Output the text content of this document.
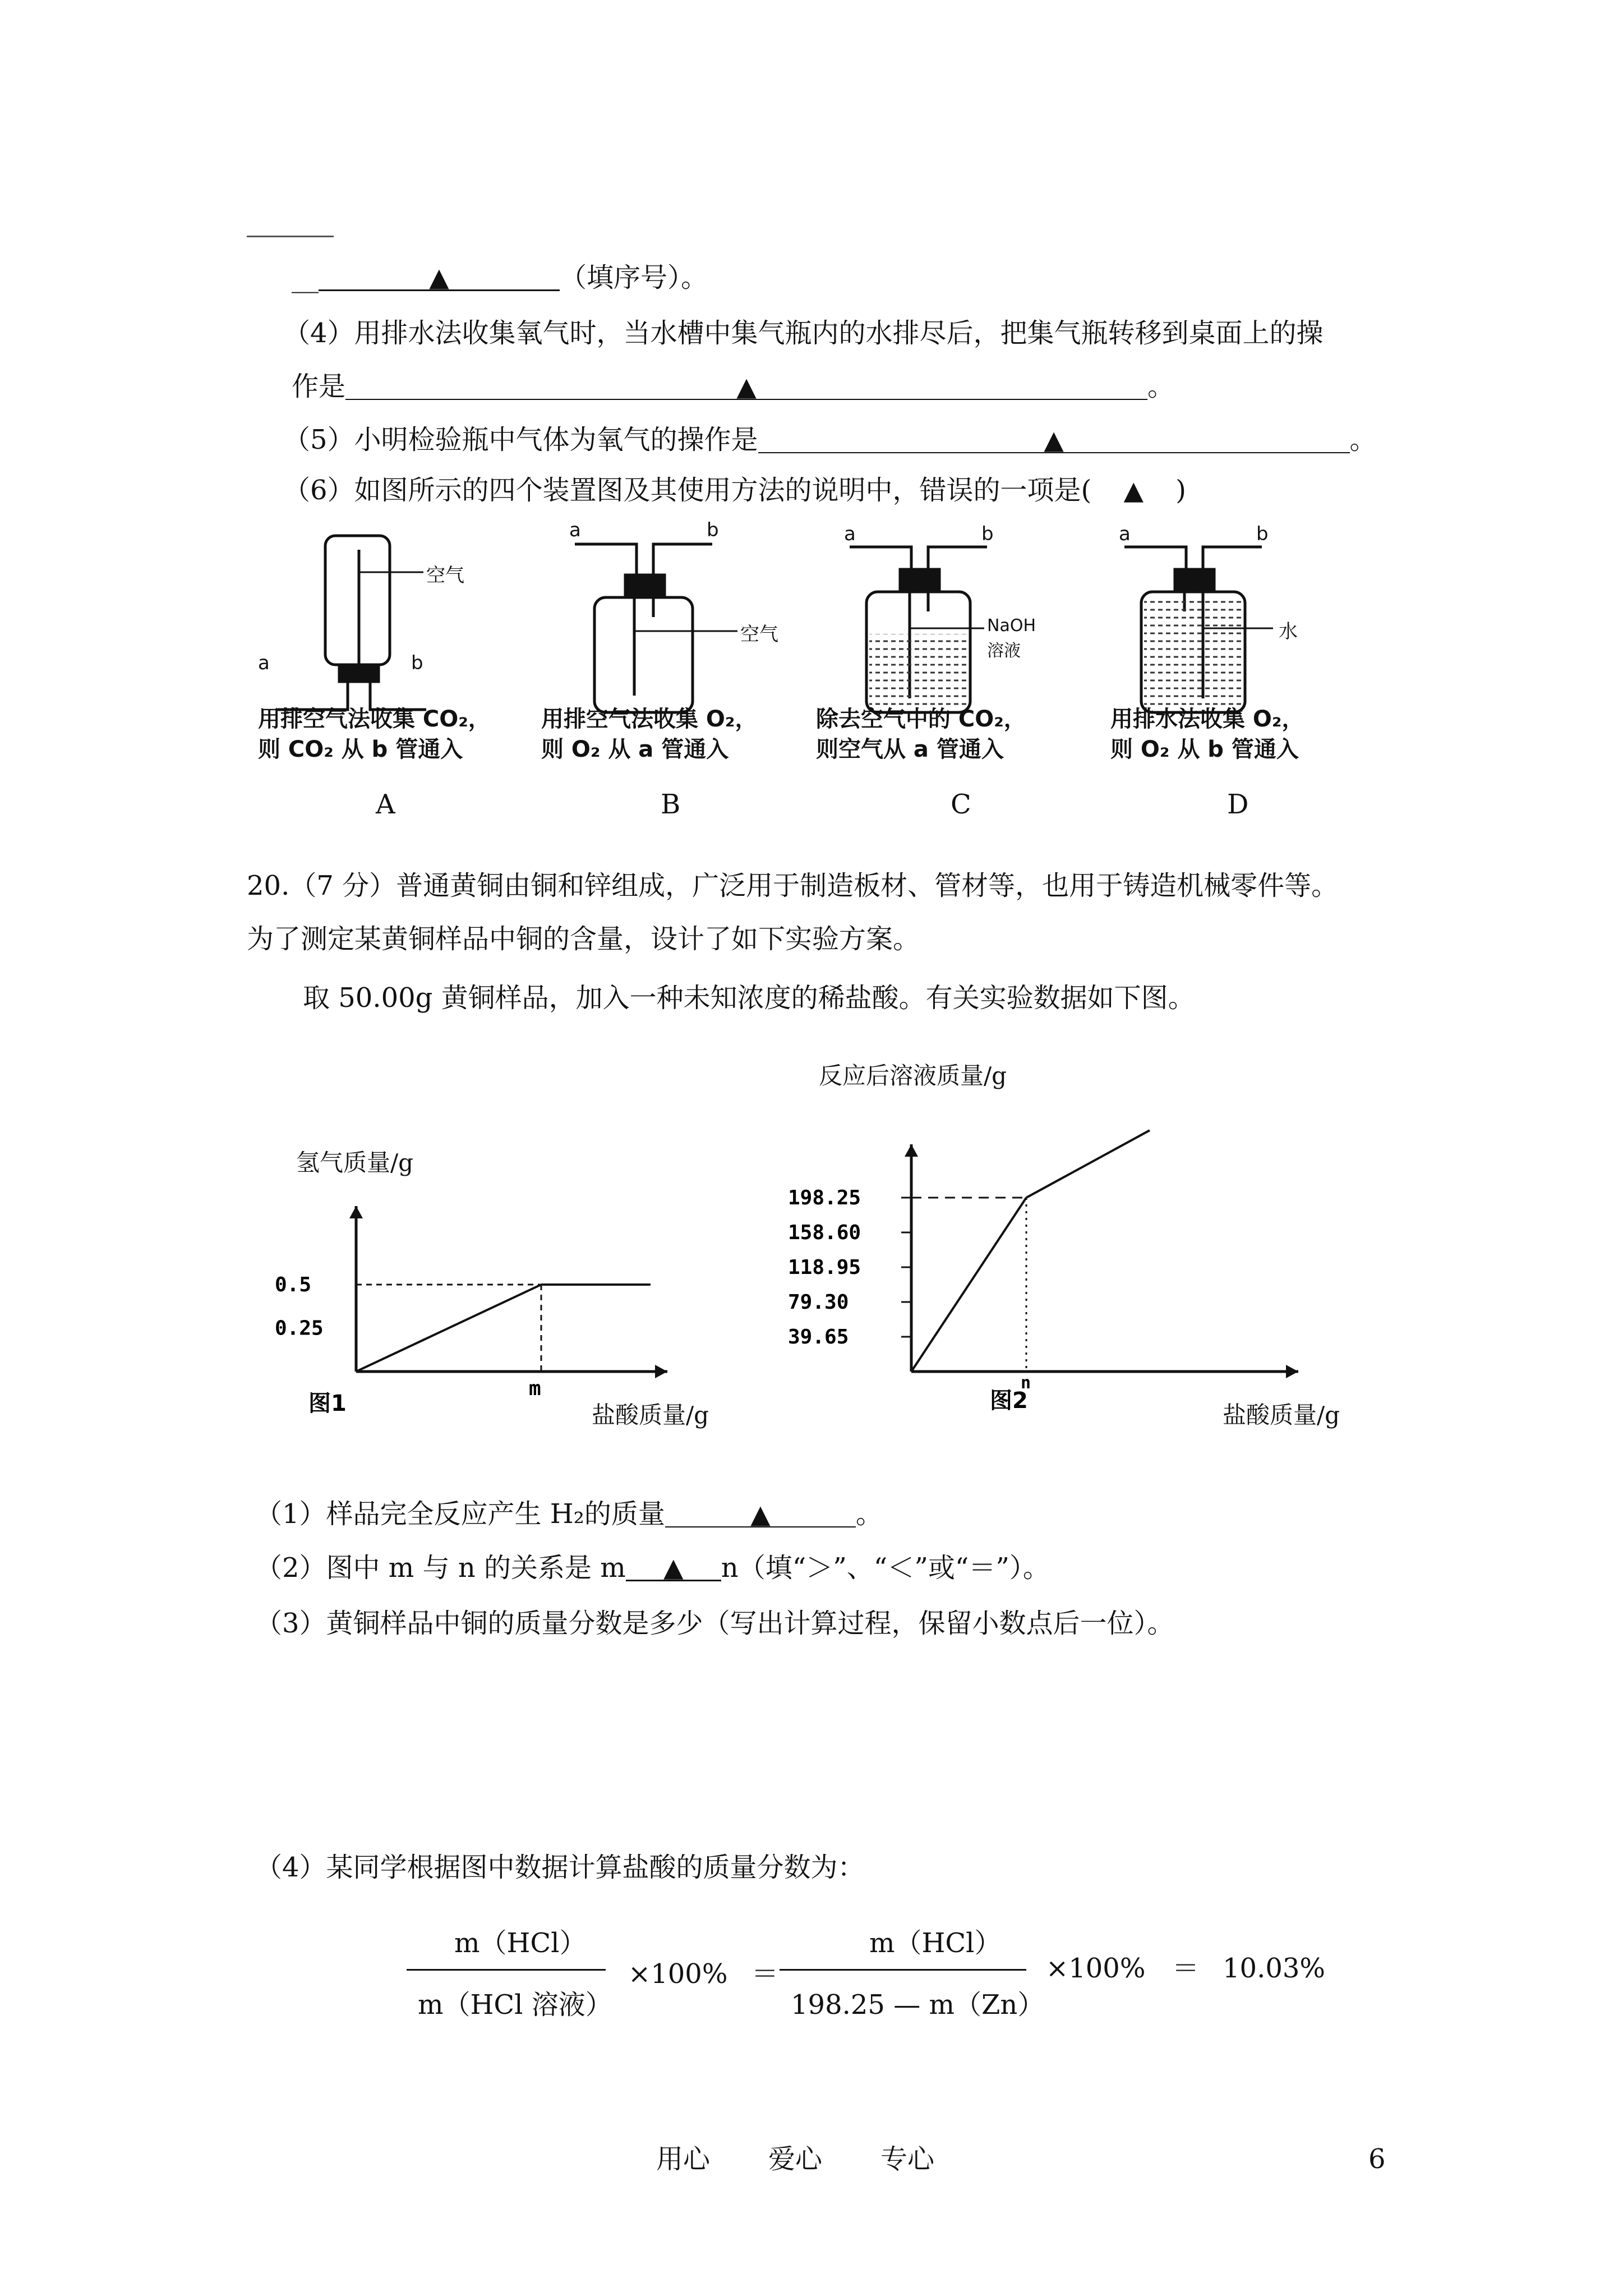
__	▲	（填序号）。
（4）用排水法收集氧气时，当水槽中集气瓶内的水排尽后，把集气瓶转移到桌面上的操
作是	▲	。
（5）小明检验瓶中气体为氧气的操作是	▲	。
（6）如图所示的四个装置图及其使用方法的说明中，错误的一项是( ▲ )
a	b
空气
a	b
空气
a	b
NaOH
溶液
a	b
水
用排空气法收集 CO₂，
则 CO₂ 从 b 管通入
用排空气法收集 O₂，
则 O₂ 从 a 管通入
除去空气中的 CO₂，
则空气从 a 管通入
用排水法收集 O₂，
则 O₂ 从 b 管通入
A	B	C	D
20.（7 分）普通黄铜由铜和锌组成，广泛用于制造板材、管材等，也用于铸造机械零件等。
为了测定某黄铜样品中铜的含量，设计了如下实验方案。
取 50.00g 黄铜样品，加入一种未知浓度的稀盐酸。有关实验数据如下图。
反应后溶液质量/g
氢气质量/g
0.5
0.25
m
图1	盐酸质量/g
198.25
158.60
118.95
79.30
39.65
n
图2
盐酸质量/g
（1）样品完全反应产生 H₂的质量	▲	。
（2）图中 m 与 n 的关系是 m ▲ n（填“＞”、“＜”或“＝”）。
（3）黄铜样品中铜的质量分数是多少（写出计算过程，保留小数点后一位）。
（4）某同学根据图中数据计算盐酸的质量分数为：
m（HCl）
m（HCl 溶液）
×100% ＝
m（HCl）
198.25 — m（Zn）
×100% ＝ 10.03%
用心 爱心 专心	6
